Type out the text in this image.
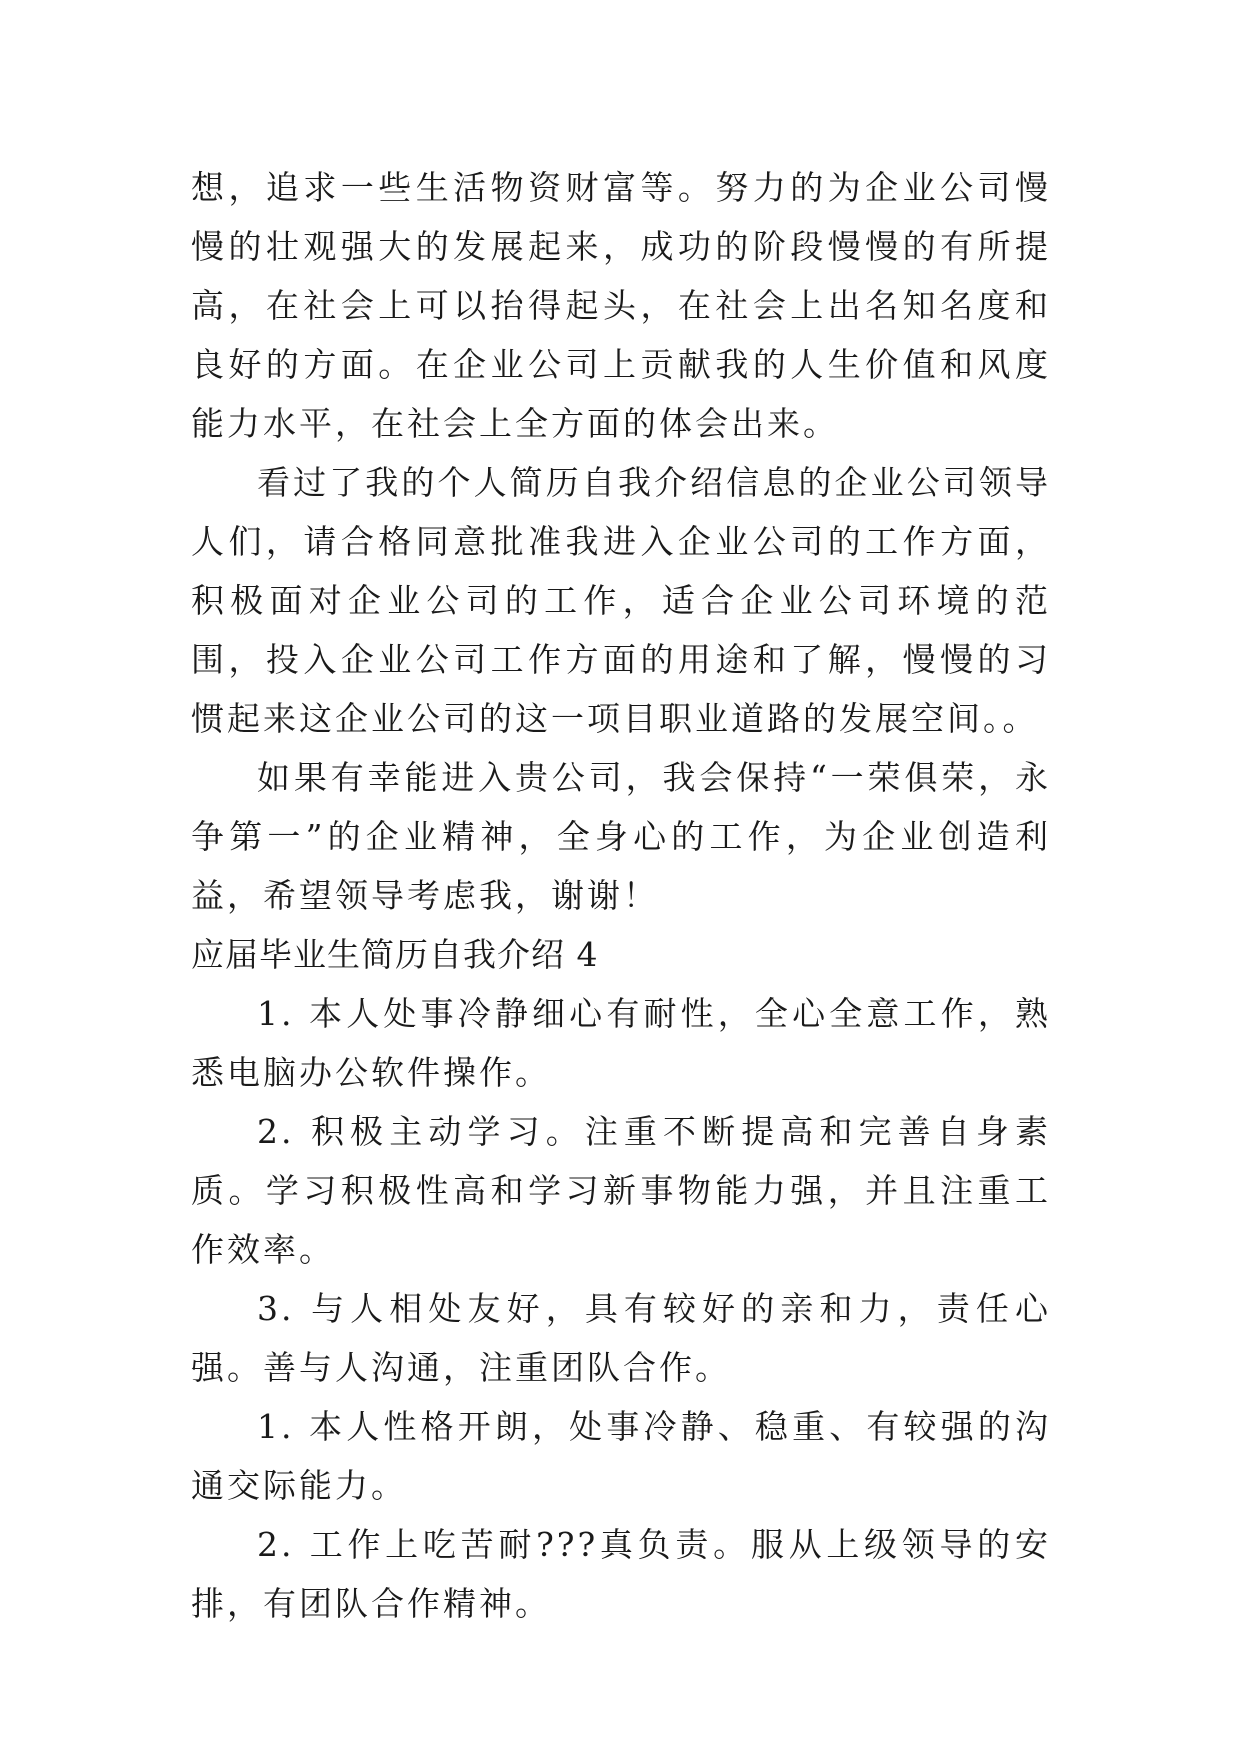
想，追求一些生活物资财富等。努力的为企业公司慢慢的壮观强大的发展起来，成功的阶段慢慢的有所提高，在社会上可以抬得起头，在社会上出名知名度和良好的方面。在企业公司上贡献我的人生价值和风度能力水平，在社会上全方面的体会出来。

看过了我的个人简历自我介绍信息的企业公司领导人们，请合格同意批准我进入企业公司的工作方面，积极面对企业公司的工作，适合企业公司环境的范围，投入企业公司工作方面的用途和了解，慢慢的习惯起来这企业公司的这一项目职业道路的发展空间。。

如果有幸能进入贵公司，我会保持“一荣俱荣，永争第一”的企业精神，全身心的工作，为企业创造利益，希望领导考虑我，谢谢！

应届毕业生简历自我介绍 4

1. 本人处事冷静细心有耐性，全心全意工作，熟悉电脑办公软件操作。

2. 积极主动学习。注重不断提高和完善自身素质。学习积极性高和学习新事物能力强，并且注重工作效率。

3. 与人相处友好，具有较好的亲和力，责任心强。善与人沟通，注重团队合作。

1. 本人性格开朗，处事冷静、稳重、有较强的沟通交际能力。

2. 工作上吃苦耐???真负责。服从上级领导的安排，有团队合作精神。
